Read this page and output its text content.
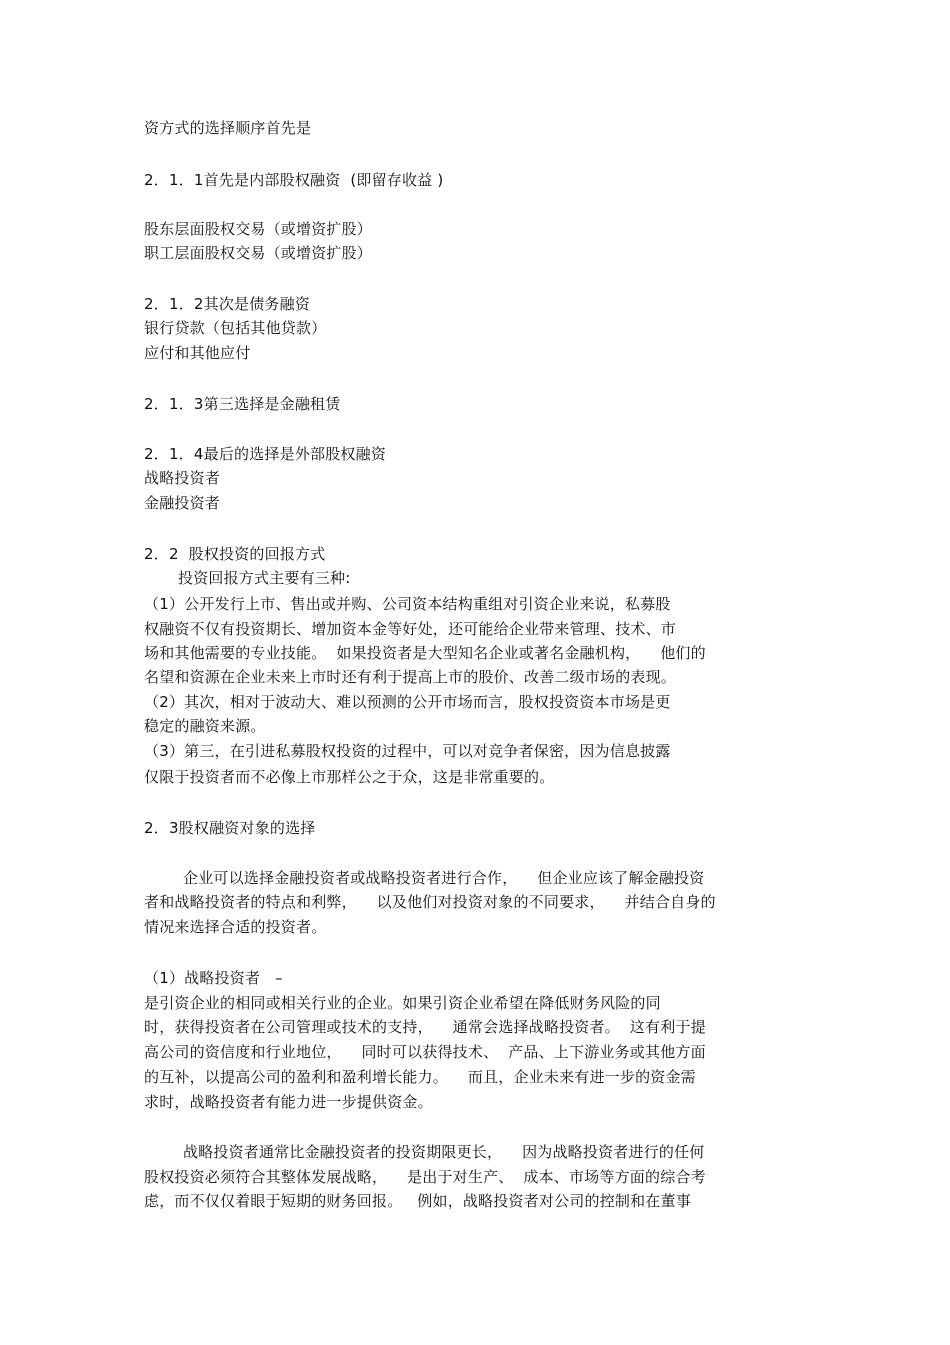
资方式的选择顺序首先是
2．1．1首先是内部股权融资  (即留存收益 )
股东层面股权交易（或增资扩股）
职工层面股权交易（或增资扩股）
2．1．2其次是债务融资
银行贷款（包括其他贷款）
应付和其他应付
2．1．3第三选择是金融租赁
2．1．4最后的选择是外部股权融资
战略投资者
金融投资者
2．2  股权投资的回报方式
投资回报方式主要有三种:
（1）公开发行上市、售出或并购、公司资本结构重组对引资企业来说，私募股
权融资不仅有投资期长、增加资本金等好处，还可能给企业带来管理、技术、市
场和其他需要的专业技能。  如果投资者是大型知名企业或著名金融机构，    他们的
名望和资源在企业未来上市时还有利于提高上市的股价、改善二级市场的表现。
（2）其次，相对于波动大、难以预测的公开市场而言，股权投资资本市场是更
稳定的融资来源。
（3）第三，在引进私募股权投资的过程中，可以对竞争者保密，因为信息披露
仅限于投资者而不必像上市那样公之于众，这是非常重要的。
2．3股权融资对象的选择
企业可以选择金融投资者或战略投资者进行合作，    但企业应该了解金融投资
者和战略投资者的特点和利弊，    以及他们对投资对象的不同要求，    并结合自身的
情况来选择合适的投资者。
（1）战略投资者   –
是引资企业的相同或相关行业的企业。如果引资企业希望在降低财务风险的同
时，获得投资者在公司管理或技术的支持，    通常会选择战略投资者。  这有利于提
高公司的资信度和行业地位，    同时可以获得技术、  产品、上下游业务或其他方面
的互补，以提高公司的盈利和盈利增长能力。    而且，企业未来有进一步的资金需
求时，战略投资者有能力进一步提供资金。
战略投资者通常比金融投资者的投资期限更长，    因为战略投资者进行的任何
股权投资必须符合其整体发展战略，    是出于对生产、  成本、市场等方面的综合考
虑，而不仅仅着眼于短期的财务回报。   例如，战略投资者对公司的控制和在董事
